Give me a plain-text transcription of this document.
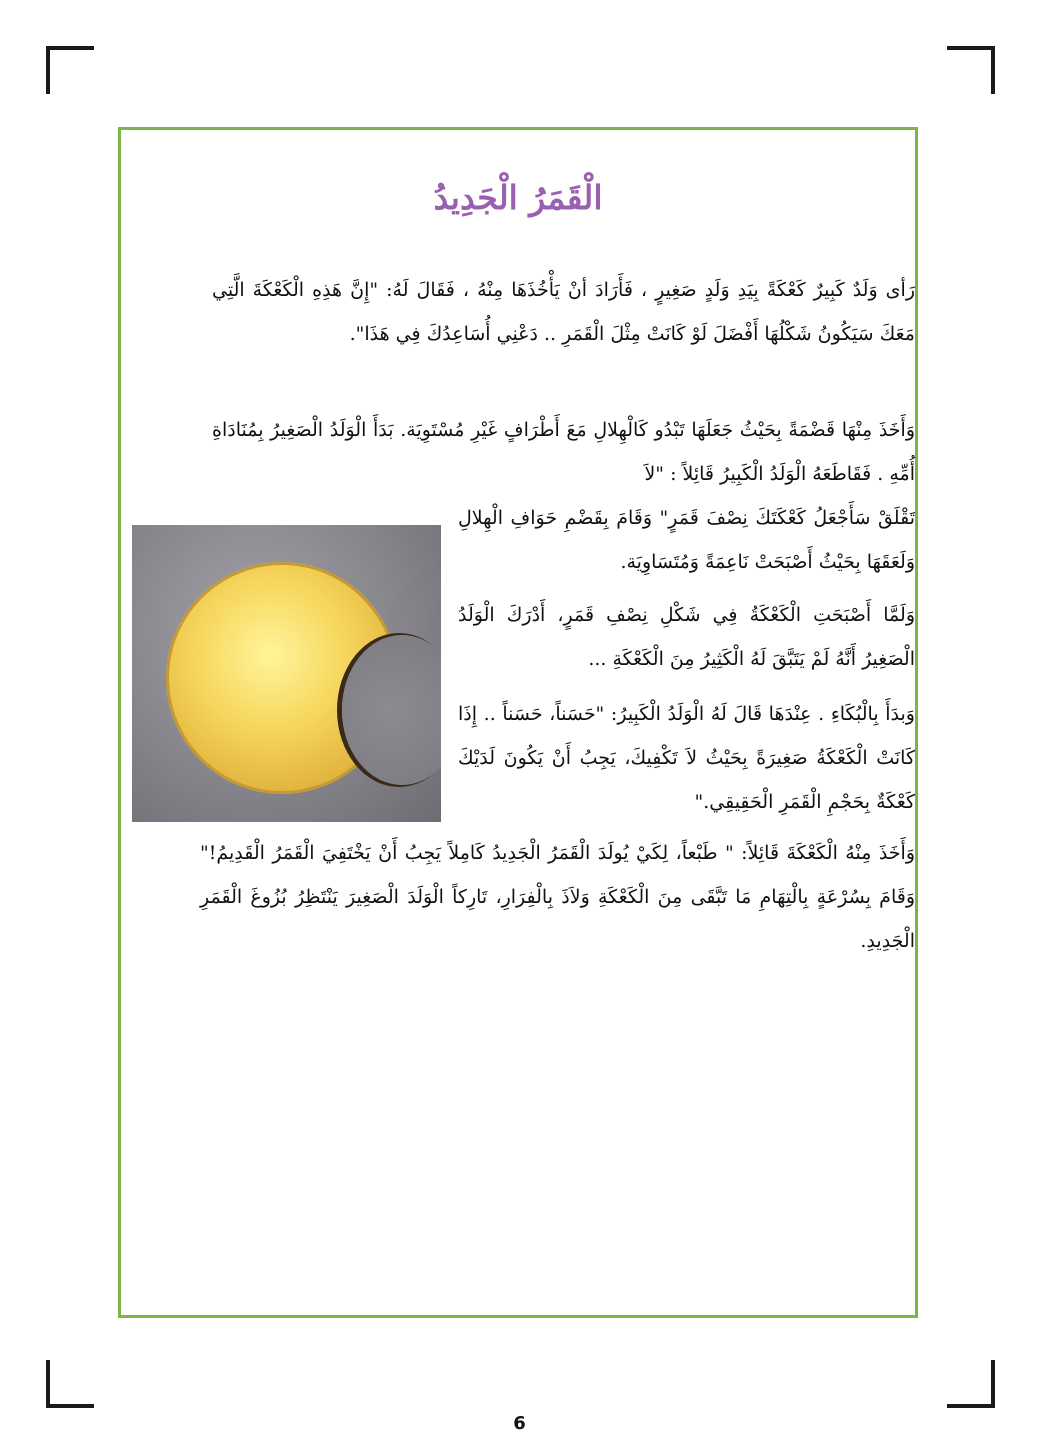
الْقَمَرُ الْجَدِيدُ
رَأى وَلَدٌ كَبِيرٌ كَعْكَةً بِيَدِ وَلَدٍ صَغِيرٍ ، فَأَرَادَ أنْ يَأْخُذَهَا مِنْهُ ، فَقَالَ لَهُ: "إِنَّ هَذِهِ الْكَعْكَةَ الَّتِي مَعَكَ سَيَكُونُ شَكْلُهَا أَفْضَلَ لَوْ كَانَتْ مِثْلَ الْقَمَرِ .. دَعْنِي أُسَاعِدُكَ فِي هَذَا".
وَأَخَذَ مِنْهَا قَضْمَةً بِحَيْثُ جَعَلَهَا تَبْدُو كَالْهِلالِ مَعَ أَطْرَافٍ غَيْرِ مُسْتَوِيَة. بَدَأَ الْوَلَدُ الْصَغِيرُ بِمُنَادَاةِ أُمِّهِ . فَقَاطَعَهُ الْوَلَدُ الْكَبِيرُ قَائِلاً : "لاَ
تَقْلَقْ سَأَجْعَلُ كَعْكَتَكَ نِصْفَ قَمَرٍ" وَقَامَ بِقَضْمِ حَوَافِ الْهِلالِ وَلَعَقَهَا بِحَيْثُ أَصْبَحَتْ نَاعِمَةً وَمُتَسَاوِيَة.
وَلَمَّا أَصْبَحَتِ الْكَعْكَةُ فِي شَكْلِ نِصْفِ قَمَرٍ، أَدْرَكَ الْوَلَدُ الْصَغِيرُ أَنَّهُ لَمْ يَتَبَّقَ لَهُ الْكَثِيرُ مِنَ الْكَعْكَةِ ...
وَبدَأَ بِالْبُكَاءِ . عِنْدَهَا قَالَ لَهُ الْوَلَدُ الْكَبِيرُ: "حَسَناً، حَسَناً .. إِذَا كَانَتْ الْكَعْكَةُ صَغِيرَةً بِحَيْثُ لاَ تَكْفِيكَ، يَجِبُ أَنْ يَكُونَ لَدَيْكَ كَعْكَةٌ بِحَجْمِ الْقَمَرِ الْحَقِيقِي."
وَأَخَذَ مِنْهُ الْكَعْكَةَ قَائِلاً: " طَبْعاً، لِكَيْ يُولَدَ الْقَمَرُ الْجَدِيدُ كَامِلاً يَجِبُ أَنْ يَخْتَفِيَ الْقَمَرُ الْقَدِيمُ!" وَقَامَ بِسُرْعَةٍ بِالْتِهَامِ مَا تَبَّقَى مِنَ الْكَعْكَةِ وَلاَذَ بِالْفِرَارِ، تَارِكاً الْوَلَدَ الْصَغِيرَ يَنْتَظِرُ بُزُوغَ الْقَمَرِ الْجَدِيدِ.
6
